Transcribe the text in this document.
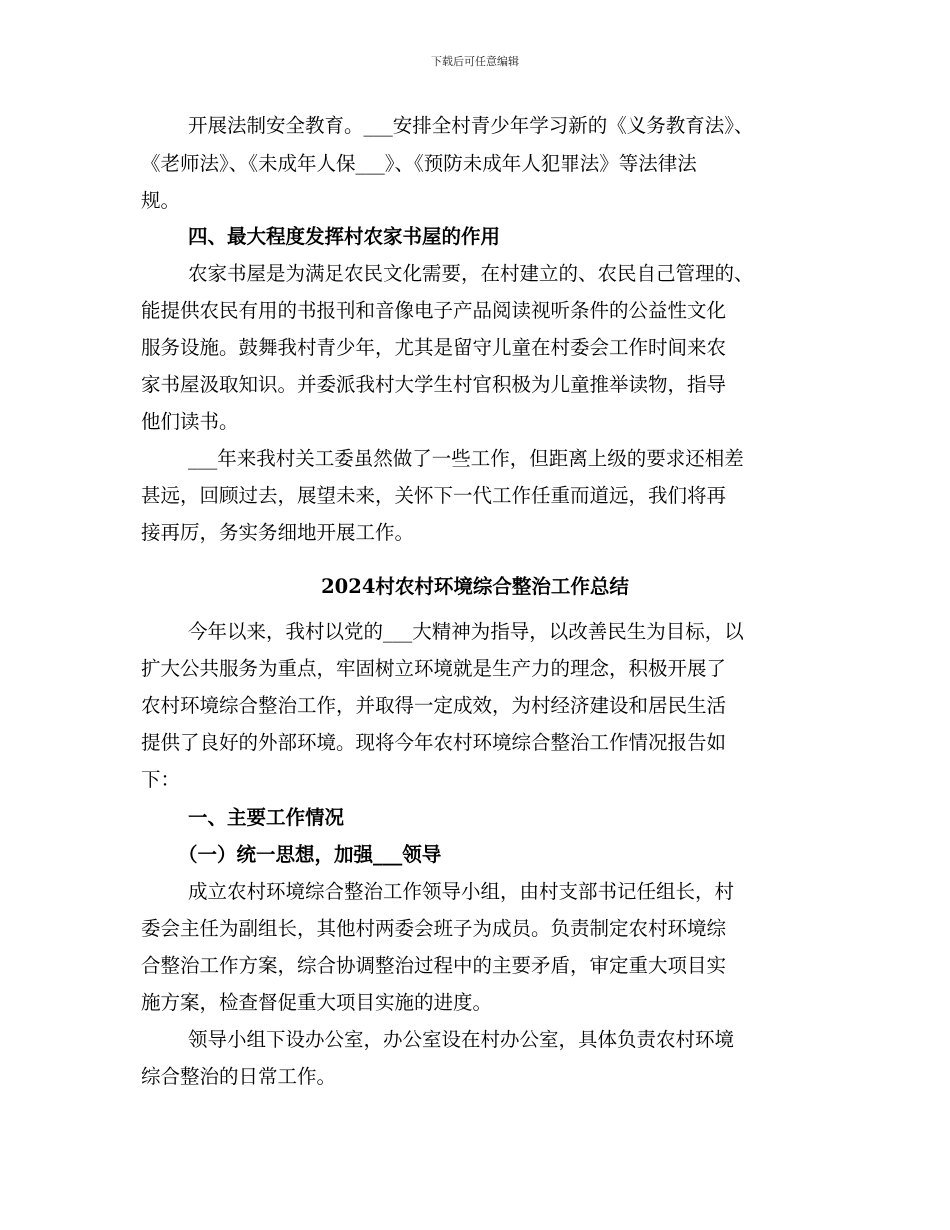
下载后可任意编辑
开展法制安全教育。___安排全村青少年学习新的《义务教育法》、
《老师法》、《未成年人保___》、《预防未成年人犯罪法》等法律法
规。
四、最大程度发挥村农家书屋的作用
农家书屋是为满足农民文化需要，在村建立的、农民自己管理的、
能提供农民有用的书报刊和音像电子产品阅读视听条件的公益性文化
服务设施。鼓舞我村青少年，尤其是留守儿童在村委会工作时间来农
家书屋汲取知识。并委派我村大学生村官积极为儿童推举读物，指导
他们读书。
___年来我村关工委虽然做了一些工作，但距离上级的要求还相差
甚远，回顾过去，展望未来，关怀下一代工作任重而道远，我们将再
接再厉，务实务细地开展工作。
2024村农村环境综合整治工作总结
今年以来，我村以党的___大精神为指导，以改善民生为目标，以
扩大公共服务为重点，牢固树立环境就是生产力的理念，积极开展了
农村环境综合整治工作，并取得一定成效，为村经济建设和居民生活
提供了良好的外部环境。现将今年农村环境综合整治工作情况报告如
下：
一、主要工作情况
（一）统一思想，加强___领导
成立农村环境综合整治工作领导小组，由村支部书记任组长，村
委会主任为副组长，其他村两委会班子为成员。负责制定农村环境综
合整治工作方案，综合协调整治过程中的主要矛盾，审定重大项目实
施方案，检查督促重大项目实施的进度。
领导小组下设办公室，办公室设在村办公室，具体负责农村环境
综合整治的日常工作。
